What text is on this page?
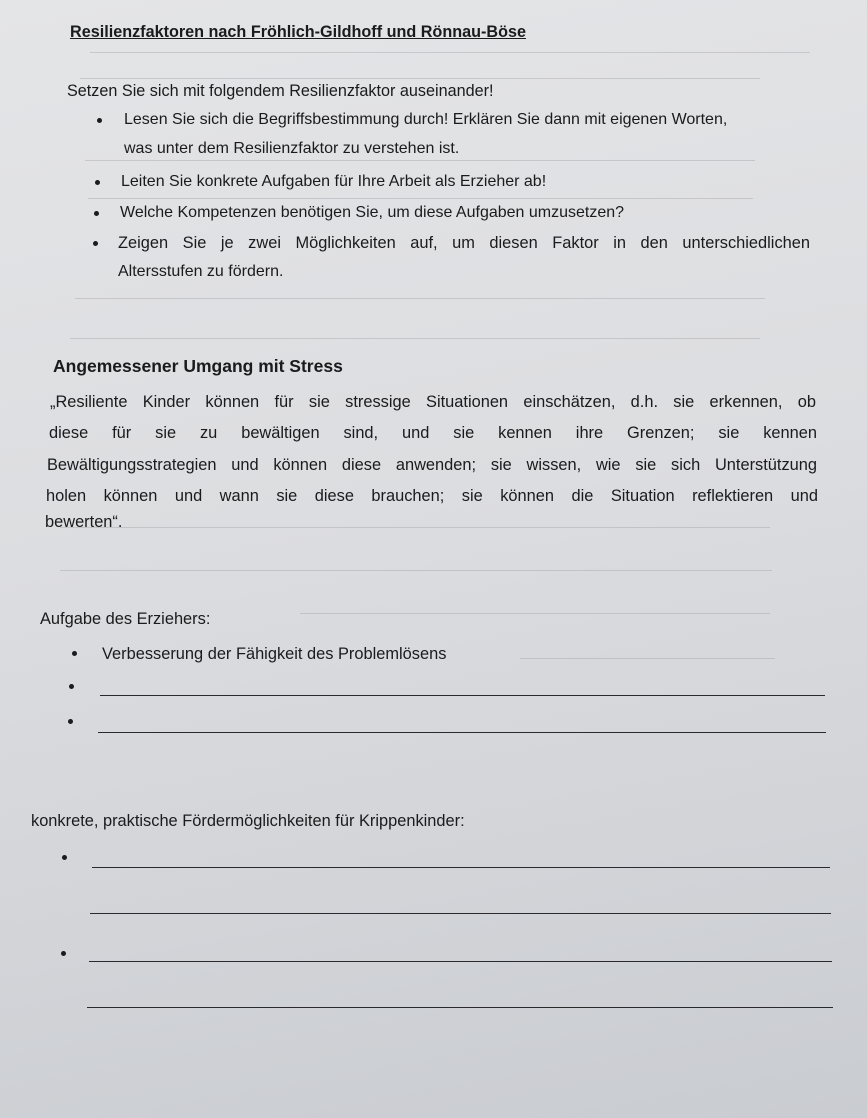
Resilienzfaktoren nach Fröhlich-Gildhoff und Rönnau-Böse
Setzen Sie sich mit folgendem Resilienzfaktor auseinander!
Lesen Sie sich die Begriffsbestimmung durch! Erklären Sie dann mit eigenen Worten,
was unter dem Resilienzfaktor zu verstehen ist.
Leiten Sie konkrete Aufgaben für Ihre Arbeit als Erzieher ab!
Welche Kompetenzen benötigen Sie, um diese Aufgaben umzusetzen?
Zeigen Sie je zwei Möglichkeiten auf, um diesen Faktor in den unterschiedlichen
Altersstufen zu fördern.
Angemessener Umgang mit Stress
„Resiliente Kinder können für sie stressige Situationen einschätzen, d.h. sie erkennen, ob
diese für sie zu bewältigen sind, und sie kennen ihre Grenzen; sie kennen
Bewältigungsstrategien und können diese anwenden; sie wissen, wie sie sich Unterstützung
holen können und wann sie diese brauchen; sie können die Situation reflektieren und
bewerten“.
Aufgabe des Erziehers:
Verbesserung der Fähigkeit des Problemlösens
konkrete, praktische Fördermöglichkeiten für Krippenkinder:
